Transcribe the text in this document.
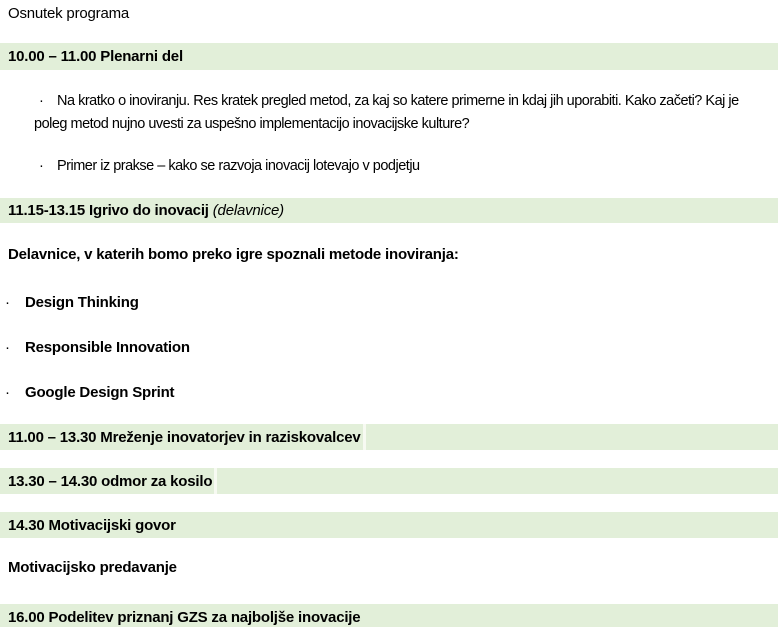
Osnutek programa
10.00 – 11.00 Plenarni del
· Na kratko o inoviranju. Res kratek pregled metod, za kaj so katere primerne in kdaj jih uporabiti. Kako začeti? Kaj je
poleg metod nujno uvesti za uspešno implementacijo inovacijske kulture?
· Primer iz prakse – kako se razvoja inovacij lotevajo v podjetju
11.15-13.15 Igrivo do inovacij (delavnice)
Delavnice, v katerih bomo preko igre spoznali metode inoviranja:
· Design Thinking
· Responsible Innovation
· Google Design Sprint
11.00 – 13.30 Mreženje inovatorjev in raziskovalcev
13.30 – 14.30 odmor za kosilo
14.30 Motivacijski govor
Motivacijsko predavanje
16.00 Podelitev priznanj GZS za najboljše inovacije
